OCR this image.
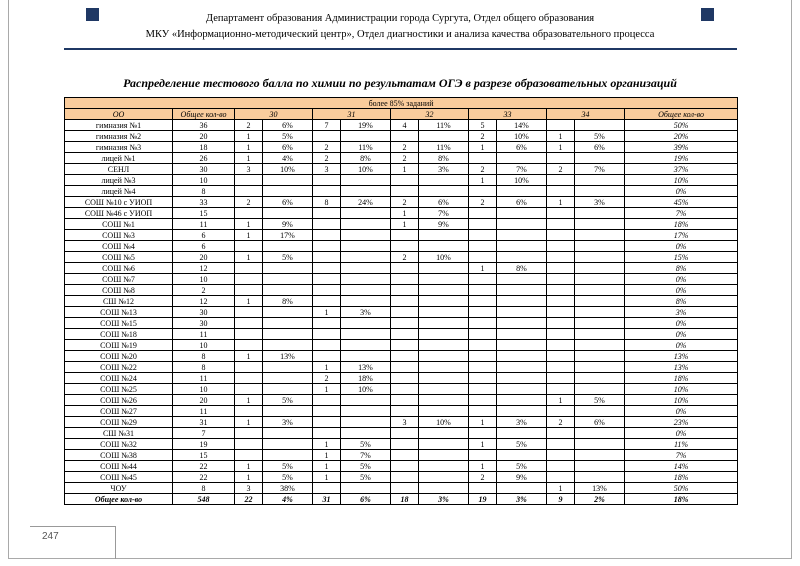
Департамент образования Администрации города Сургута, Отдел общего образования
МКУ «Информационно-методический центр», Отдел диагностики и анализа качества образовательного процесса
Распределение тестового балла по химии по результатам ОГЭ в разрезе образовательных организаций
более 85% заданий												
ОО	Общее кол-во	30		31		32		33		34		Общее кол-во
гимназия №1	36	2	6%	7	19%	4	11%	5	14%			50%
гимназия №2	20	1	5%					2	10%	1	5%	20%
гимназия №3	18	1	6%	2	11%	2	11%	1	6%	1	6%	39%
лицей №1	26	1	4%	2	8%	2	8%					19%
СЕНЛ	30	3	10%	3	10%	1	3%	2	7%	2	7%	37%
лицей №3	10							1	10%			10%
лицей №4	8											0%
СОШ №10 с УИОП	33	2	6%	8	24%	2	6%	2	6%	1	3%	45%
СОШ №46 с УИОП	15					1	7%					7%
СОШ №1	11	1	9%			1	9%					18%
СОШ №3	6	1	17%									17%
СОШ №4	6											0%
СОШ №5	20	1	5%			2	10%					15%
СОШ №6	12							1	8%			8%
СОШ №7	10											0%
СОШ №8	2											0%
СШ №12	12	1	8%									8%
СОШ №13	30			1	3%							3%
СОШ №15	30											0%
СОШ №18	11											0%
СОШ №19	10											0%
СОШ №20	8	1	13%									13%
СОШ №22	8			1	13%							13%
СОШ №24	11			2	18%							18%
СОШ №25	10			1	10%							10%
СОШ №26	20	1	5%							1	5%	10%
СОШ №27	11											0%
СОШ №29	31	1	3%			3	10%	1	3%	2	6%	23%
СШ №31	7											0%
СОШ №32	19			1	5%			1	5%			11%
СОШ №38	15			1	7%							7%
СОШ №44	22	1	5%	1	5%			1	5%			14%
СОШ №45	22	1	5%	1	5%			2	9%			18%
ЧОУ	8	3	38%							1	13%	50%
Общее кол-во	548	22	4%	31	6%	18	3%	19	3%	9	2%	18%
247
